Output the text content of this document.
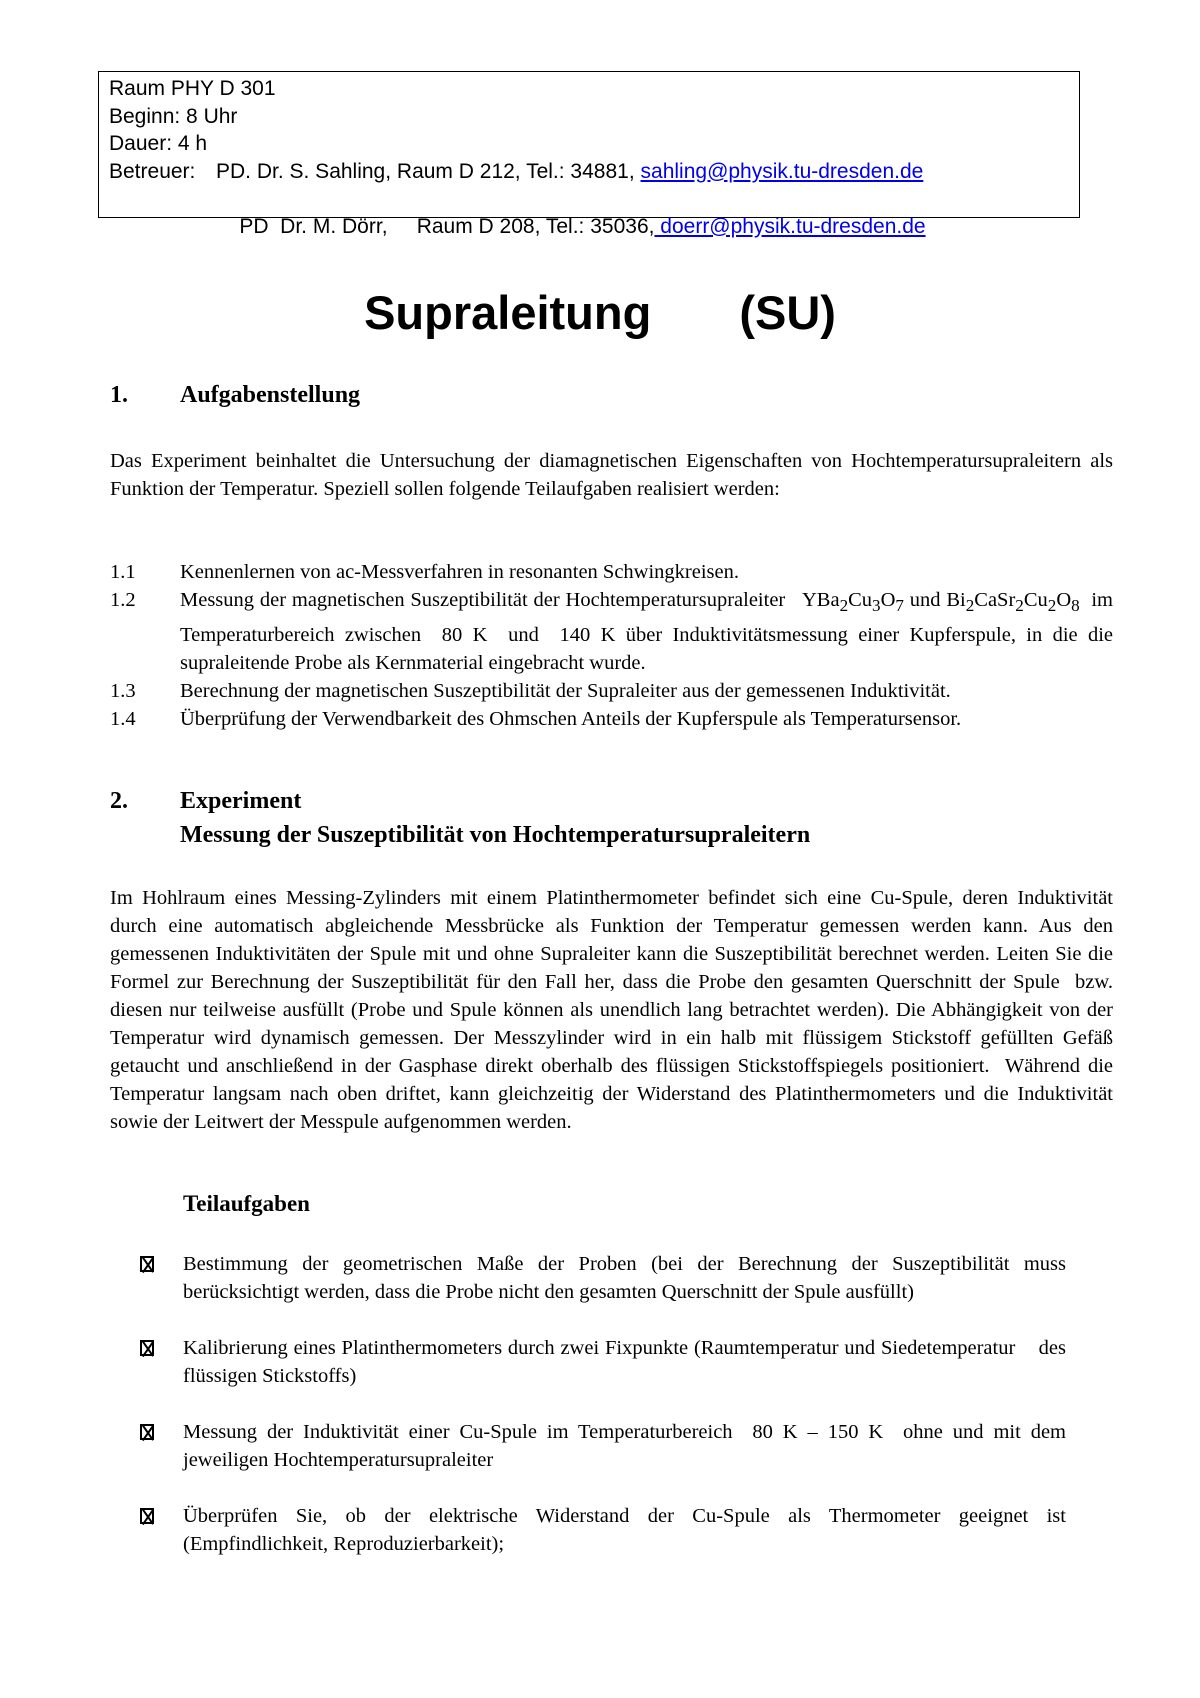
Raum PHY D 301
Beginn: 8 Uhr
Dauer: 4 h
Betreuer: PD. Dr. S. Sahling, Raum D 212, Tel.: 34881, sahling@physik.tu-dresden.de

PD  Dr. M. Dörr,     Raum D 208, Tel.: 35036, doerr@physik.tu-dresden.de

Supraleitung (SU)
1. Aufgabenstellung
Das Experiment beinhaltet die Untersuchung der diamagnetischen Eigenschaften von Hochtemperatursupraleitern als Funktion der Temperatur. Speziell sollen folgende Teilaufgaben realisiert werden:
1.1	Kennenlernen von ac-Messverfahren in resonanten Schwingkreisen.
1.2	Messung der magnetischen Suszeptibilität der Hochtemperatursupraleiter   $YBa_2Cu_3O_7$ und $Bi_2CaSr_2Cu_2O_8$  im Temperaturbereich zwischen  80 K  und  140 K über Induktivitätsmessung einer Kupferspule, in die die supraleitende Probe als Kernmaterial eingebracht wurde.
1.3	Berechnung der magnetischen Suszeptibilität der Supraleiter aus der gemessenen Induktivität.
1.4	Überprüfung der Verwendbarkeit des Ohmschen Anteils der Kupferspule als Temperatursensor.
2. Experiment
Messung der Suszeptibilität von Hochtemperatursupraleitern
Im Hohlraum eines Messing-Zylinders mit einem Platinthermometer befindet sich eine Cu-Spule, deren Induktivität durch eine automatisch abgleichende Messbrücke als Funktion der Temperatur gemessen werden kann. Aus den  gemessenen Induktivitäten der Spule mit und ohne Supraleiter kann die Suszeptibilität berechnet werden. Leiten Sie die Formel zur Berechnung der Suszeptibilität für den Fall her, dass die Probe den gesamten Querschnitt der Spule  bzw. diesen nur teilweise ausfüllt (Probe und Spule können als unendlich lang betrachtet werden). Die Abhängigkeit von der Temperatur wird dynamisch gemessen. Der Messzylinder wird in ein halb mit flüssigem Stickstoff gefüllten Gefäß getaucht und anschließend in der Gasphase direkt oberhalb des flüssigen Stickstoffspiegels positioniert.  Während die Temperatur langsam nach oben driftet, kann gleichzeitig der Widerstand des Platinthermometers und die Induktivität sowie der Leitwert der Messpule aufgenommen werden.
Teilaufgaben
Bestimmung der geometrischen Maße der Proben (bei der Berechnung der Suszeptibilität muss berücksichtigt werden, dass die Probe nicht den gesamten Querschnitt der Spule ausfüllt)
Kalibrierung eines Platinthermometers durch zwei Fixpunkte (Raumtemperatur und Siedetemperatur    des flüssigen Stickstoffs)
Messung der Induktivität einer Cu-Spule im Temperaturbereich  80 K – 150 K  ohne und mit dem jeweiligen Hochtemperatursupraleiter
Überprüfen Sie, ob der elektrische Widerstand der Cu-Spule als Thermometer geeignet ist (Empfindlichkeit, Reproduzierbarkeit);
